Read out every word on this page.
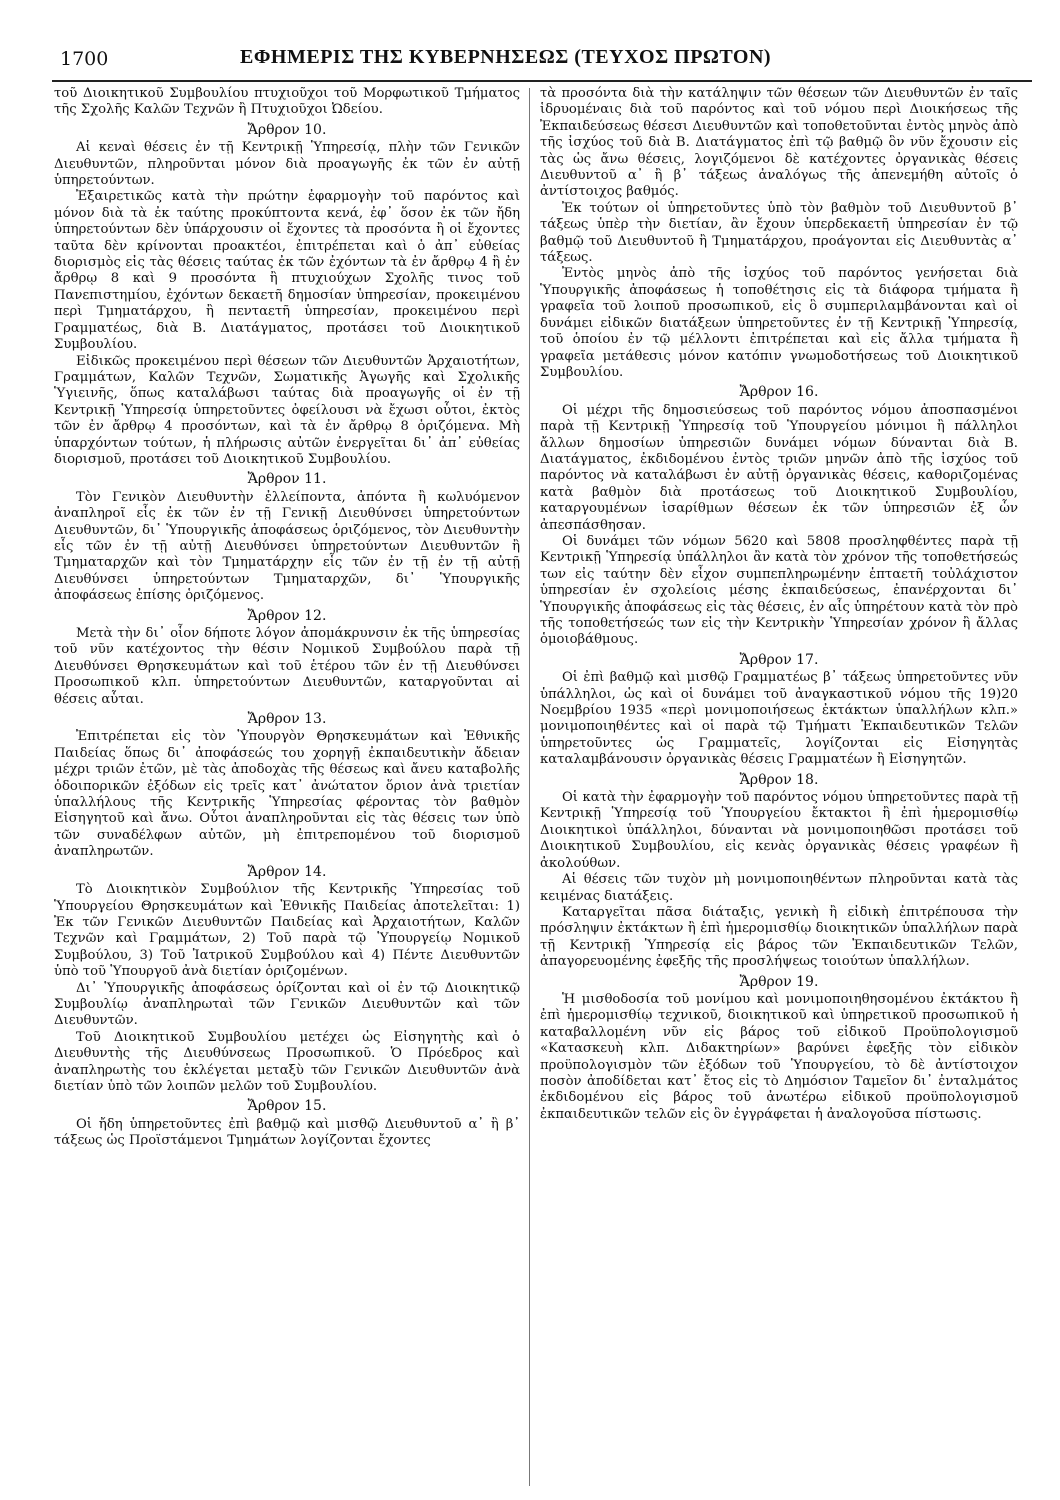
1700	ΕΦΗΜΕΡΙΣ ΤΗΣ ΚΥΒΕΡΝΗΣΕΩΣ (ΤΕΥΧΟΣ ΠΡΩΤΟΝ)

τοῦ Διοικητικοῦ Συμβουλίου πτυχιοῦχοι τοῦ Μορφωτικοῦ Τμήματος τῆς Σχολῆς Καλῶν Τεχνῶν ἢ Πτυχιοῦχοι Ὠδείου.

Ἄρθρον 10.

Αἱ κεναὶ θέσεις ἐν τῇ Κεντρικῇ Ὑπηρεσίᾳ, πλὴν τῶν Γενικῶν Διευθυντῶν, πληροῦνται μόνον διὰ προαγωγῆς ἐκ τῶν ἐν αὐτῇ ὑπηρετούντων.

Ἐξαιρετικῶς κατὰ τὴν πρώτην ἐφαρμογὴν τοῦ παρόντος καὶ μόνον διὰ τὰ ἐκ ταύτης προκύπτοντα κενά, ἐφ᾽ ὅσον ἐκ τῶν ἤδη ὑπηρετούντων δὲν ὑπάρχουσιν οἱ ἔχοντες τὰ προσόντα ἢ οἱ ἔχοντες ταῦτα δὲν κρίνονται προακτέοι, ἐπιτρέπεται καὶ ὁ ἀπ᾽ εὐθείας διορισμὸς εἰς τὰς θέσεις ταύτας ἐκ τῶν ἐχόντων τὰ ἐν ἄρθρῳ 4 ἢ ἐν ἄρθρῳ 8 καὶ 9 προσόντα ἢ πτυχιούχων Σχολῆς τινος τοῦ Πανεπιστημίου, ἐχόντων δεκαετῆ δημοσίαν ὑπηρεσίαν, προκειμένου περὶ Τμηματάρχου, ἢ πενταετῆ ὑπηρεσίαν, προκειμένου περὶ Γραμματέως, διὰ Β. Διατάγματος, προτάσει τοῦ Διοικητικοῦ Συμβουλίου.

Εἰδικῶς προκειμένου περὶ θέσεων τῶν Διευθυντῶν Ἀρχαιοτήτων, Γραμμάτων, Καλῶν Τεχνῶν, Σωματικῆς Ἀγωγῆς καὶ Σχολικῆς Ὑγιεινῆς, ὅπως καταλάβωσι ταύτας διὰ προαγωγῆς οἱ ἐν τῇ Κεντρικῇ Ὑπηρεσίᾳ ὑπηρετοῦντες ὀφείλουσι νὰ ἔχωσι οὗτοι, ἐκτὸς τῶν ἐν ἄρθρῳ 4 προσόντων, καὶ τὰ ἐν ἄρθρῳ 8 ὁριζόμενα. Μὴ ὑπαρχόντων τούτων, ἡ πλήρωσις αὐτῶν ἐνεργεῖται δι᾽ ἀπ᾽ εὐθείας διορισμοῦ, προτάσει τοῦ Διοικητικοῦ Συμβουλίου.

Ἄρθρον 11.

Τὸν Γενικὸν Διευθυντὴν ἐλλείποντα, ἀπόντα ἢ κωλυόμενον ἀναπληροῖ εἷς ἐκ τῶν ἐν τῇ Γενικῇ Διευθύνσει ὑπηρετούντων Διευθυντῶν, δι᾽ Ὑπουργικῆς ἀποφάσεως ὁριζόμενος, τὸν Διευθυντὴν εἷς τῶν ἐν τῇ αὐτῇ Διευθύνσει ὑπηρετούντων Διευθυντῶν ἢ Τμηματαρχῶν καὶ τὸν Τμηματάρχην εἷς τῶν ἐν τῇ ἐν τῇ αὐτῇ Διευθύνσει ὑπηρετούντων Τμηματαρχῶν, δι᾽ Ὑπουργικῆς ἀποφάσεως ἐπίσης ὁριζόμενος.

Ἄρθρον 12.

Μετὰ τὴν δι᾽ οἷον δήποτε λόγον ἀπομάκρυνσιν ἐκ τῆς ὑπηρεσίας τοῦ νῦν κατέχοντος τὴν θέσιν Νομικοῦ Συμβούλου παρὰ τῇ Διευθύνσει Θρησκευμάτων καὶ τοῦ ἑτέρου τῶν ἐν τῇ Διευθύνσει Προσωπικοῦ κλπ. ὑπηρετούντων Διευθυντῶν, καταργοῦνται αἱ θέσεις αὗται.

Ἄρθρον 13.

Ἐπιτρέπεται εἰς τὸν Ὑπουργὸν Θρησκευμάτων καὶ Ἐθνικῆς Παιδείας ὅπως δι᾽ ἀποφάσεώς του χορηγῇ ἐκπαιδευτικὴν ἄδειαν μέχρι τριῶν ἐτῶν, μὲ τὰς ἀποδοχὰς τῆς θέσεως καὶ ἄνευ καταβολῆς ὁδοιπορικῶν ἐξόδων εἰς τρεῖς κατ᾽ ἀνώτατον ὅριον ἀνὰ τριετίαν ὑπαλλήλους τῆς Κεντρικῆς Ὑπηρεσίας φέροντας τὸν βαθμὸν Εἰσηγητοῦ καὶ ἄνω. Οὗτοι ἀναπληροῦνται εἰς τὰς θέσεις των ὑπὸ τῶν συναδέλφων αὐτῶν, μὴ ἐπιτρεπομένου τοῦ διορισμοῦ ἀναπληρωτῶν.

Ἄρθρον 14.

Τὸ Διοικητικὸν Συμβούλιον τῆς Κεντρικῆς Ὑπηρεσίας τοῦ Ὑπουργείου Θρησκευμάτων καὶ Ἐθνικῆς Παιδείας ἀποτελεῖται: 1) Ἐκ τῶν Γενικῶν Διευθυντῶν Παιδείας καὶ Ἀρχαιοτήτων, Καλῶν Τεχνῶν καὶ Γραμμάτων, 2) Τοῦ παρὰ τῷ Ὑπουργείῳ Νομικοῦ Συμβούλου, 3) Τοῦ Ἰατρικοῦ Συμβούλου καὶ 4) Πέντε Διευθυντῶν ὑπὸ τοῦ Ὑπουργοῦ ἀνὰ διετίαν ὁριζομένων.

Δι᾽ Ὑπουργικῆς ἀποφάσεως ὁρίζονται καὶ οἱ ἐν τῷ Διοικητικῷ Συμβουλίῳ ἀναπληρωταὶ τῶν Γενικῶν Διευθυντῶν καὶ τῶν Διευθυντῶν.

Τοῦ Διοικητικοῦ Συμβουλίου μετέχει ὡς Εἰσηγητὴς καὶ ὁ Διευθυντὴς τῆς Διευθύνσεως Προσωπικοῦ. Ὁ Πρόεδρος καὶ ἀναπληρωτὴς του ἐκλέγεται μεταξὺ τῶν Γενικῶν Διευθυντῶν ἀνὰ διετίαν ὑπὸ τῶν λοιπῶν μελῶν τοῦ Συμβουλίου.

Ἄρθρον 15.

Οἱ ἤδη ὑπηρετοῦντες ἐπὶ βαθμῷ καὶ μισθῷ Διευθυντοῦ α᾽ ἢ β᾽ τάξεως ὡς Προϊστάμενοι Τμημάτων λογίζονται ἔχοντες

τὰ προσόντα διὰ τὴν κατάληψιν τῶν θέσεων τῶν Διευθυντῶν ἐν ταῖς ἱδρυομέναις διὰ τοῦ παρόντος καὶ τοῦ νόμου περὶ Διοικήσεως τῆς Ἐκπαιδεύσεως θέσεσι Διευθυντῶν καὶ τοποθετοῦνται ἐντὸς μηνὸς ἀπὸ τῆς ἰσχύος τοῦ διὰ Β. Διατάγματος ἐπὶ τῷ βαθμῷ ὃν νῦν ἔχουσιν εἰς τὰς ὡς ἄνω θέσεις, λογιζόμενοι δὲ κατέχοντες ὀργανικὰς θέσεις Διευθυντοῦ α᾽ ἢ β᾽ τάξεως ἀναλόγως τῆς ἀπενεμήθη αὐτοῖς ὁ ἀντίστοιχος βαθμός.

Ἐκ τούτων οἱ ὑπηρετοῦντες ὑπὸ τὸν βαθμὸν τοῦ Διευθυντοῦ β᾽ τάξεως ὑπὲρ τὴν διετίαν, ἂν ἔχουν ὑπερδεκαετῆ ὑπηρεσίαν ἐν τῷ βαθμῷ τοῦ Διευθυντοῦ ἢ Τμηματάρχου, προάγονται εἰς Διευθυντὰς α᾽ τάξεως.

Ἐντὸς μηνὸς ἀπὸ τῆς ἰσχύος τοῦ παρόντος γενήσεται διὰ Ὑπουργικῆς ἀποφάσεως ἡ τοποθέτησις εἰς τὰ διάφορα τμήματα ἢ γραφεῖα τοῦ λοιποῦ προσωπικοῦ, εἰς ὃ συμπεριλαμβάνονται καὶ οἱ δυνάμει εἰδικῶν διατάξεων ὑπηρετοῦντες ἐν τῇ Κεντρικῇ Ὑπηρεσίᾳ, τοῦ ὁποίου ἐν τῷ μέλλοντι ἐπιτρέπεται καὶ εἰς ἄλλα τμήματα ἢ γραφεῖα μετάθεσις μόνον κατόπιν γνωμοδοτήσεως τοῦ Διοικητικοῦ Συμβουλίου.

Ἄρθρον 16.

Οἱ μέχρι τῆς δημοσιεύσεως τοῦ παρόντος νόμου ἀποσπασμένοι παρὰ τῇ Κεντρικῇ Ὑπηρεσίᾳ τοῦ Ὑπουργείου μόνιμοι ἢ πάλληλοι ἄλλων δημοσίων ὑπηρεσιῶν δυνάμει νόμων δύνανται διὰ Β. Διατάγματος, ἐκδιδομένου ἐντὸς τριῶν μηνῶν ἀπὸ τῆς ἰσχύος τοῦ παρόντος νὰ καταλάβωσι ἐν αὐτῇ ὀργανικὰς θέσεις, καθοριζομένας κατὰ βαθμὸν διὰ προτάσεως τοῦ Διοικητικοῦ Συμβουλίου, καταργουμένων ἰσαρίθμων θέσεων ἐκ τῶν ὑπηρεσιῶν ἐξ ὧν ἀπεσπάσθησαν.

Οἱ δυνάμει τῶν νόμων 5620 καὶ 5808 προσληφθέντες παρὰ τῇ Κεντρικῇ Ὑπηρεσίᾳ ὑπάλληλοι ἂν κατὰ τὸν χρόνον τῆς τοποθετήσεώς των εἰς ταύτην δὲν εἶχον συμπεπληρωμένην ἑπταετῆ τοὐλάχιστον ὑπηρεσίαν ἐν σχολείοις μέσης ἐκπαιδεύσεως, ἐπανέρχονται δι᾽ Ὑπουργικῆς ἀποφάσεως εἰς τὰς θέσεις, ἐν αἷς ὑπηρέτουν κατὰ τὸν πρὸ τῆς τοποθετήσεώς των εἰς τὴν Κεντρικὴν Ὑπηρεσίαν χρόνον ἢ ἄλλας ὁμοιοβάθμους.

Ἄρθρον 17.

Οἱ ἐπὶ βαθμῷ καὶ μισθῷ Γραμματέως β᾽ τάξεως ὑπηρετοῦντες νῦν ὑπάλληλοι, ὡς καὶ οἱ δυνάμει τοῦ ἀναγκαστικοῦ νόμου τῆς 19)20 Νοεμβρίου 1935 «περὶ μονιμοποιήσεως ἐκτάκτων ὑπαλλήλων κλπ.» μονιμοποιηθέντες καὶ οἱ παρὰ τῷ Τμήματι Ἐκπαιδευτικῶν Τελῶν ὑπηρετοῦντες ὡς Γραμματεῖς, λογίζονται εἰς Εἰσηγητὰς καταλαμβάνουσιν ὀργανικὰς θέσεις Γραμματέων ἢ Εἰσηγητῶν.

Ἄρθρον 18.

Οἱ κατὰ τὴν ἐφαρμογὴν τοῦ παρόντος νόμου ὑπηρετοῦντες παρὰ τῇ Κεντρικῇ Ὑπηρεσίᾳ τοῦ Ὑπουργείου ἔκτακτοι ἢ ἐπὶ ἡμερομισθίῳ Διοικητικοὶ ὑπάλληλοι, δύνανται νὰ μονιμοποιηθῶσι προτάσει τοῦ Διοικητικοῦ Συμβουλίου, εἰς κενὰς ὀργανικὰς θέσεις γραφέων ἢ ἀκολούθων.

Αἱ θέσεις τῶν τυχὸν μὴ μονιμοποιηθέντων πληροῦνται κατὰ τὰς κειμένας διατάξεις.

Καταργεῖται πᾶσα διάταξις, γενικὴ ἢ εἰδικὴ ἐπιτρέπουσα τὴν πρόσληψιν ἐκτάκτων ἢ ἐπὶ ἡμερομισθίῳ διοικητικῶν ὑπαλλήλων παρὰ τῇ Κεντρικῇ Ὑπηρεσίᾳ εἰς βάρος τῶν Ἐκπαιδευτικῶν Τελῶν, ἀπαγορευομένης ἐφεξῆς τῆς προσλήψεως τοιούτων ὑπαλλήλων.

Ἄρθρον 19.

Ἡ μισθοδοσία τοῦ μονίμου καὶ μονιμοποιηθησομένου ἐκτάκτου ἢ ἐπὶ ἡμερομισθίῳ τεχνικοῦ, διοικητικοῦ καὶ ὑπηρετικοῦ προσωπικοῦ ἡ καταβαλλομένη νῦν εἰς βάρος τοῦ εἰδικοῦ Προϋπολογισμοῦ «Κατασκευὴ κλπ. Διδακτηρίων» βαρύνει ἐφεξῆς τὸν εἰδικὸν προϋπολογισμὸν τῶν ἐξόδων τοῦ Ὑπουργείου, τὸ δὲ ἀντίστοιχον ποσὸν ἀποδίδεται κατ᾽ ἔτος εἰς τὸ Δημόσιον Ταμεῖον δι᾽ ἐνταλμάτος ἐκδιδομένου εἰς βάρος τοῦ ἀνωτέρω εἰδικοῦ προϋπολογισμοῦ ἐκπαιδευτικῶν τελῶν εἰς ὃν ἐγγράφεται ἡ ἀναλογοῦσα πίστωσις.
